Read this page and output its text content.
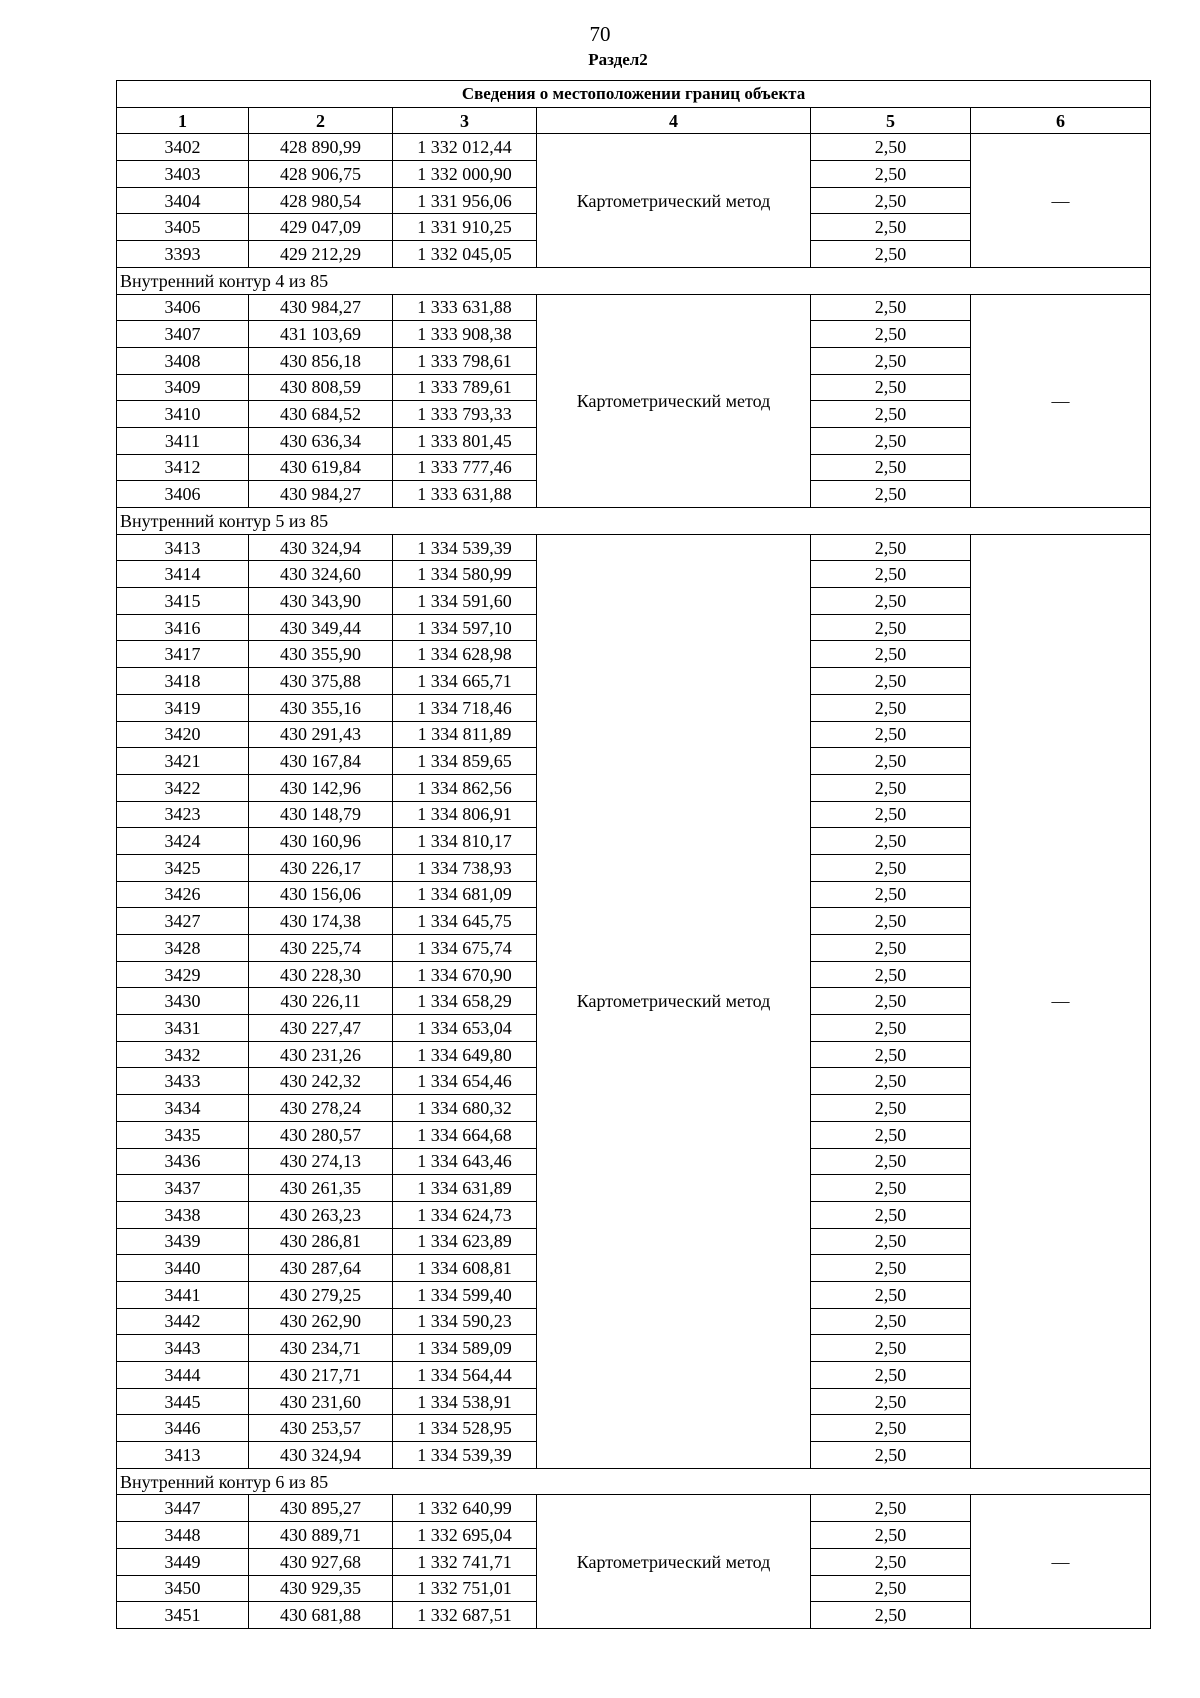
70
Раздел2
Сведения о местоположении границ объекта					
1	2	3	4	5	6
3402	428 890,99	1 332 012,44	Картометрический метод	2,50	—
3403	428 906,75	1 332 000,90		2,50	
3404	428 980,54	1 331 956,06		2,50	
3405	429 047,09	1 331 910,25		2,50	
3393	429 212,29	1 332 045,05		2,50	
Внутренний контур 4 из 85					
3406	430 984,27	1 333 631,88	Картометрический метод	2,50	—
3407	431 103,69	1 333 908,38		2,50	
3408	430 856,18	1 333 798,61		2,50	
3409	430 808,59	1 333 789,61		2,50	
3410	430 684,52	1 333 793,33		2,50	
3411	430 636,34	1 333 801,45		2,50	
3412	430 619,84	1 333 777,46		2,50	
3406	430 984,27	1 333 631,88		2,50	
Внутренний контур 5 из 85					
3413	430 324,94	1 334 539,39	Картометрический метод	2,50	—
3414	430 324,60	1 334 580,99		2,50	
3415	430 343,90	1 334 591,60		2,50	
3416	430 349,44	1 334 597,10		2,50	
3417	430 355,90	1 334 628,98		2,50	
3418	430 375,88	1 334 665,71		2,50	
3419	430 355,16	1 334 718,46		2,50	
3420	430 291,43	1 334 811,89		2,50	
3421	430 167,84	1 334 859,65		2,50	
3422	430 142,96	1 334 862,56		2,50	
3423	430 148,79	1 334 806,91		2,50	
3424	430 160,96	1 334 810,17		2,50	
3425	430 226,17	1 334 738,93		2,50	
3426	430 156,06	1 334 681,09		2,50	
3427	430 174,38	1 334 645,75		2,50	
3428	430 225,74	1 334 675,74		2,50	
3429	430 228,30	1 334 670,90		2,50	
3430	430 226,11	1 334 658,29		2,50	
3431	430 227,47	1 334 653,04		2,50	
3432	430 231,26	1 334 649,80		2,50	
3433	430 242,32	1 334 654,46		2,50	
3434	430 278,24	1 334 680,32		2,50	
3435	430 280,57	1 334 664,68		2,50	
3436	430 274,13	1 334 643,46		2,50	
3437	430 261,35	1 334 631,89		2,50	
3438	430 263,23	1 334 624,73		2,50	
3439	430 286,81	1 334 623,89		2,50	
3440	430 287,64	1 334 608,81		2,50	
3441	430 279,25	1 334 599,40		2,50	
3442	430 262,90	1 334 590,23		2,50	
3443	430 234,71	1 334 589,09		2,50	
3444	430 217,71	1 334 564,44		2,50	
3445	430 231,60	1 334 538,91		2,50	
3446	430 253,57	1 334 528,95		2,50	
3413	430 324,94	1 334 539,39		2,50	
Внутренний контур 6 из 85					
3447	430 895,27	1 332 640,99	Картометрический метод	2,50	—
3448	430 889,71	1 332 695,04		2,50	
3449	430 927,68	1 332 741,71		2,50	
3450	430 929,35	1 332 751,01		2,50	
3451	430 681,88	1 332 687,51		2,50	
